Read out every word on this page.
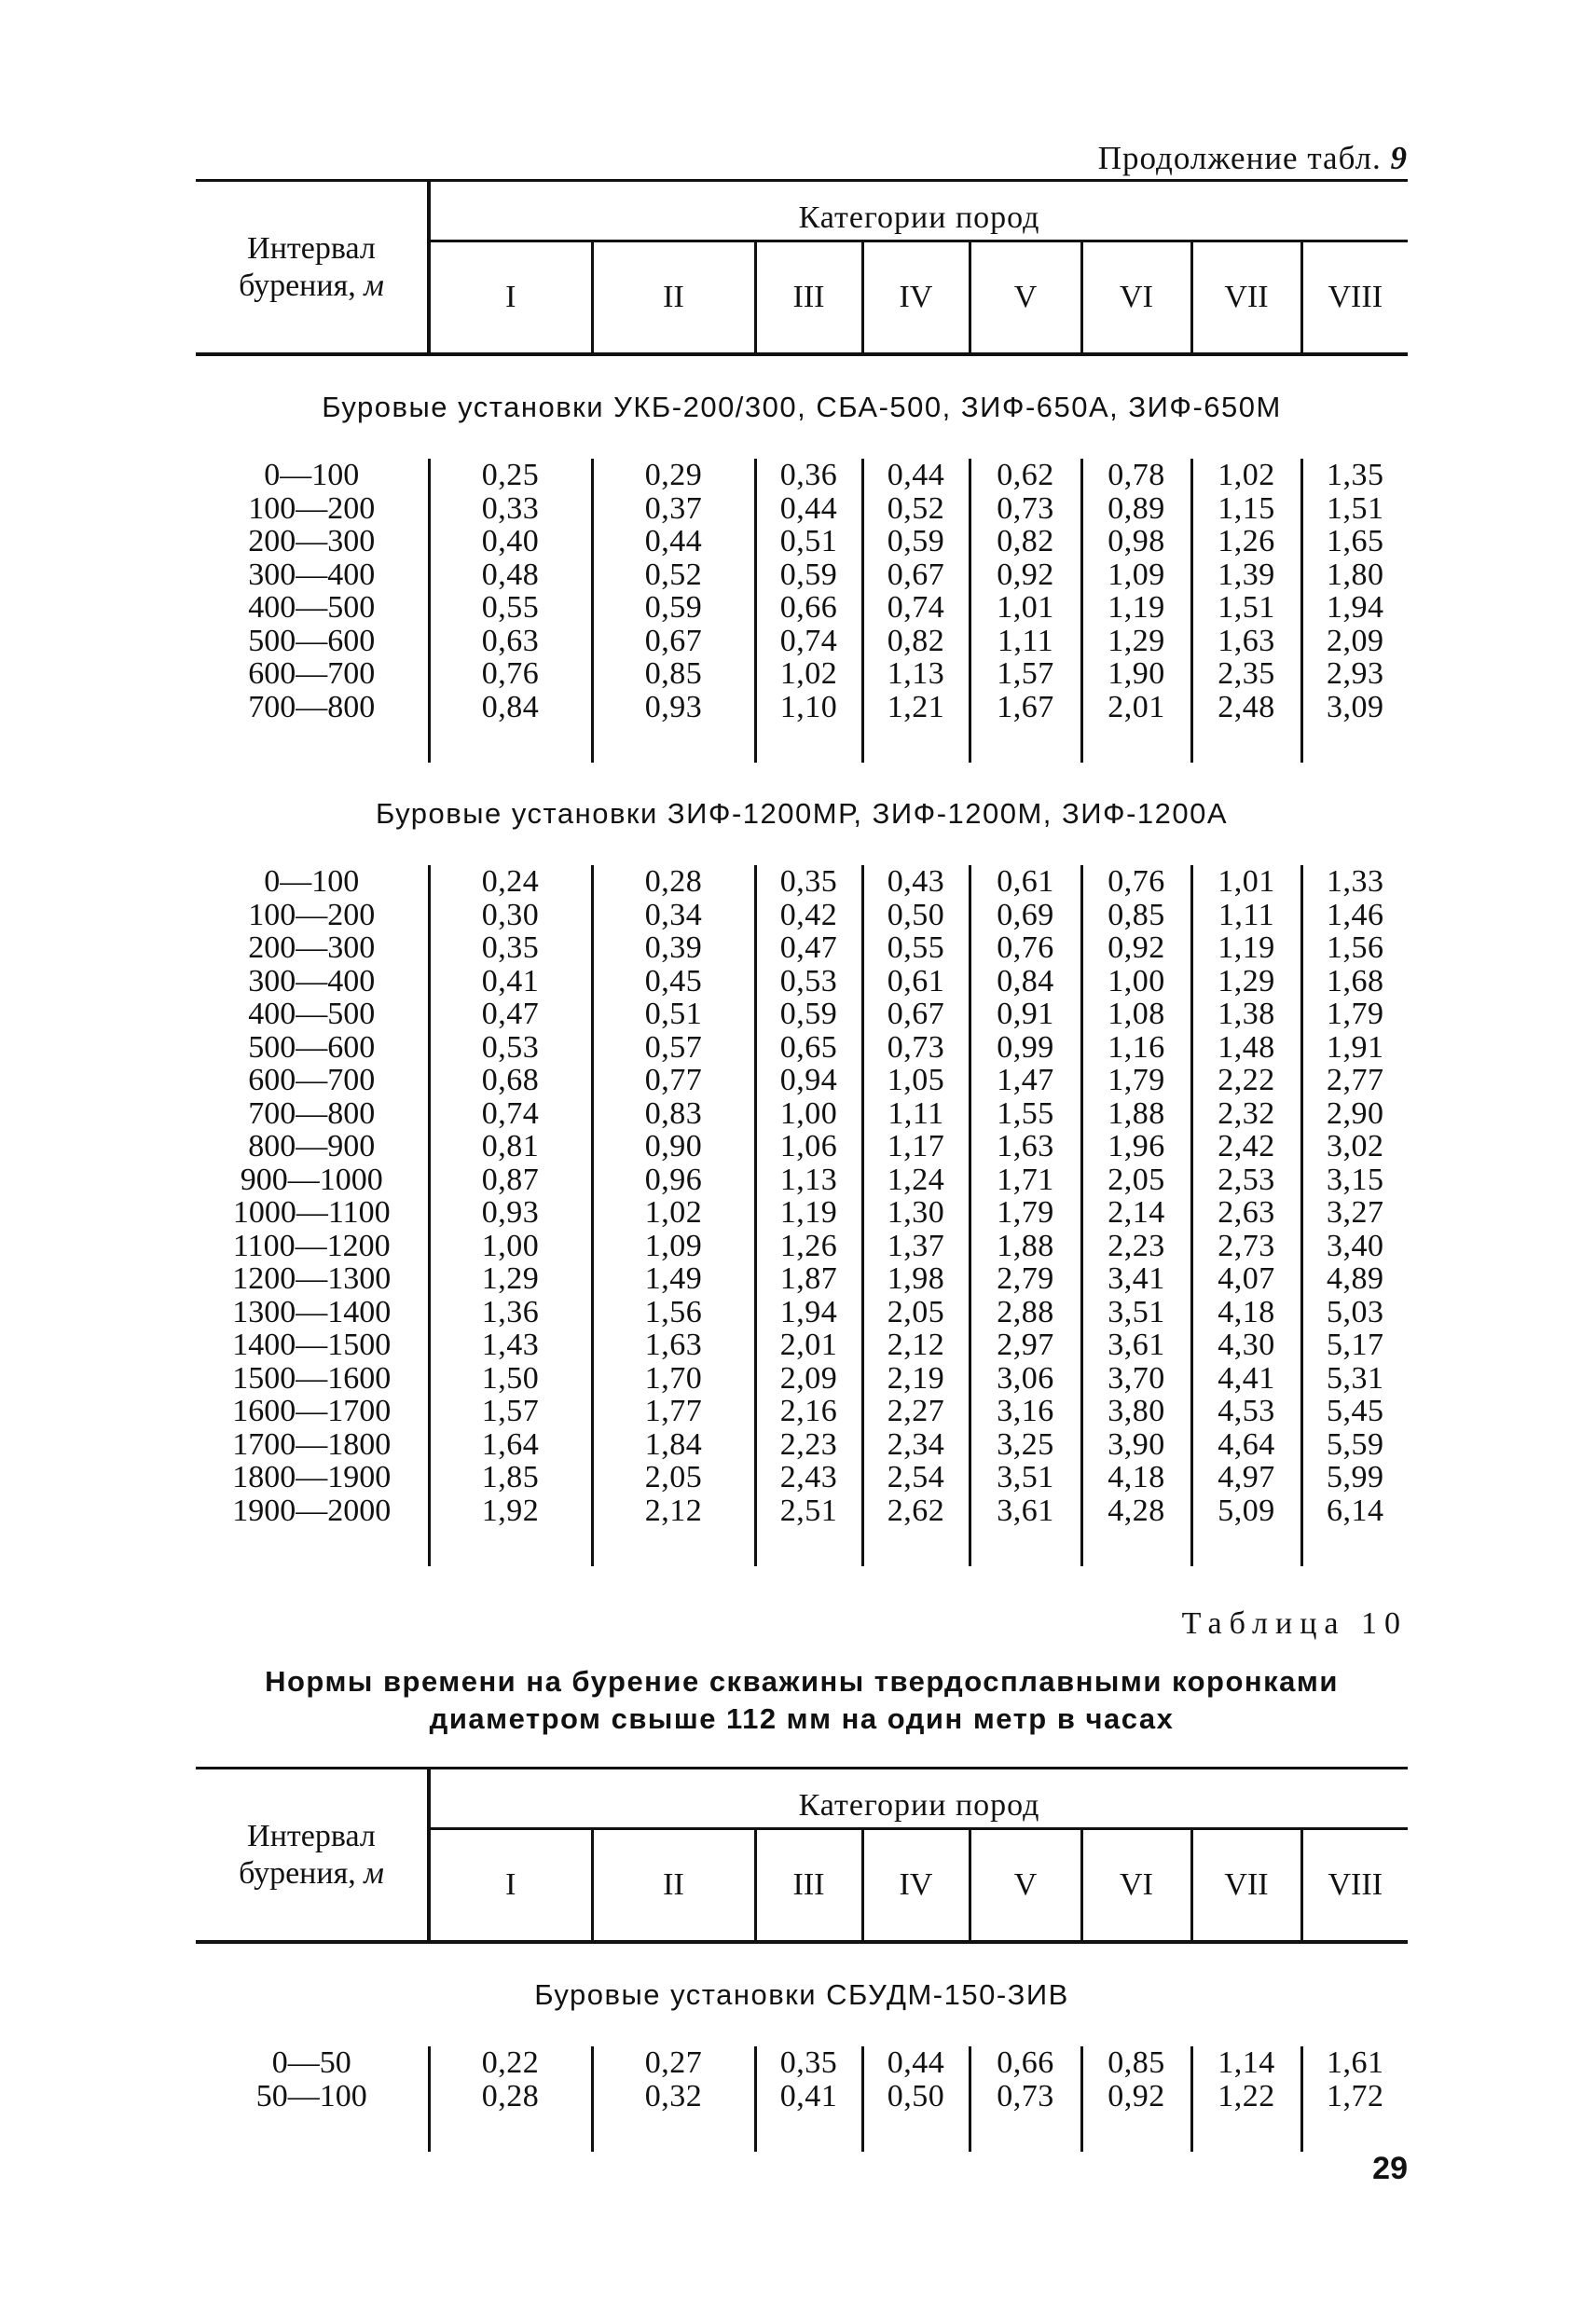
Продолжение табл. 9
Интервал
бурения, м	Категории пород							
	I	II	III	IV	V	VI	VII	VIII
Буровые установки УКБ-200/300, СБА-500, ЗИФ-650А, ЗИФ-650М								
0—100	0,25	0,29	0,36	0,44	0,62	0,78	1,02	1,35
100—200	0,33	0,37	0,44	0,52	0,73	0,89	1,15	1,51
200—300	0,40	0,44	0,51	0,59	0,82	0,98	1,26	1,65
300—400	0,48	0,52	0,59	0,67	0,92	1,09	1,39	1,80
400—500	0,55	0,59	0,66	0,74	1,01	1,19	1,51	1,94
500—600	0,63	0,67	0,74	0,82	1,11	1,29	1,63	2,09
600—700	0,76	0,85	1,02	1,13	1,57	1,90	2,35	2,93
700—800	0,84	0,93	1,10	1,21	1,67	2,01	2,48	3,09

Буровые установки ЗИФ-1200МР, ЗИФ-1200М, ЗИФ-1200А								
0—100	0,24	0,28	0,35	0,43	0,61	0,76	1,01	1,33
100—200	0,30	0,34	0,42	0,50	0,69	0,85	1,11	1,46
200—300	0,35	0,39	0,47	0,55	0,76	0,92	1,19	1,56
300—400	0,41	0,45	0,53	0,61	0,84	1,00	1,29	1,68
400—500	0,47	0,51	0,59	0,67	0,91	1,08	1,38	1,79
500—600	0,53	0,57	0,65	0,73	0,99	1,16	1,48	1,91
600—700	0,68	0,77	0,94	1,05	1,47	1,79	2,22	2,77
700—800	0,74	0,83	1,00	1,11	1,55	1,88	2,32	2,90
800—900	0,81	0,90	1,06	1,17	1,63	1,96	2,42	3,02
900—1000	0,87	0,96	1,13	1,24	1,71	2,05	2,53	3,15
1000—1100	0,93	1,02	1,19	1,30	1,79	2,14	2,63	3,27
1100—1200	1,00	1,09	1,26	1,37	1,88	2,23	2,73	3,40
1200—1300	1,29	1,49	1,87	1,98	2,79	3,41	4,07	4,89
1300—1400	1,36	1,56	1,94	2,05	2,88	3,51	4,18	5,03
1400—1500	1,43	1,63	2,01	2,12	2,97	3,61	4,30	5,17
1500—1600	1,50	1,70	2,09	2,19	3,06	3,70	4,41	5,31
1600—1700	1,57	1,77	2,16	2,27	3,16	3,80	4,53	5,45
1700—1800	1,64	1,84	2,23	2,34	3,25	3,90	4,64	5,59
1800—1900	1,85	2,05	2,43	2,54	3,51	4,18	4,97	5,99
1900—2000	1,92	2,12	2,51	2,62	3,61	4,28	5,09	6,14

Таблица 10
Нормы времени на бурение скважины твердосплавными коронками
диаметром свыше 112 мм на один метр в часах
Интервал
бурения, м	Категории пород							
	I	II	III	IV	V	VI	VII	VIII
Буровые установки СБУДМ-150-ЗИВ								
0—50	0,22	0,27	0,35	0,44	0,66	0,85	1,14	1,61
50—100	0,28	0,32	0,41	0,50	0,73	0,92	1,22	1,72

29
